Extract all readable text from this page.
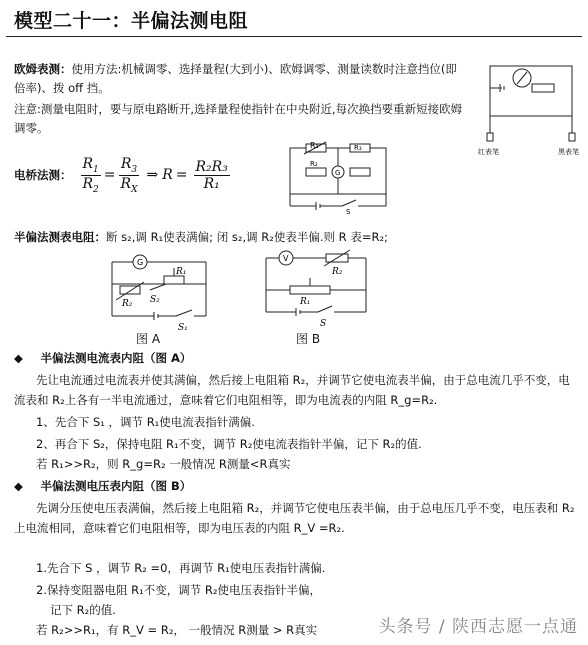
模型二十一：半偏法测电阻
欧姆表测：使用方法:机械调零、选择量程(大到小)、欧姆调零、测量读数时注意挡位(即倍率)、拨 off 挡。
注意:测量电阻时，要与原电路断开,选择量程使指针在中央附近,每次换挡要重新短接欧姆调零。
红表笔	黑表笔
电桥法测： $\frac{R_1}{R_2} = \frac{R_3}{R_X}$ ⇒ $R = \frac{\text{R₂R₃}}{\text{R₁}}$
R₁	R₃
R₂
G
S
半偏法测表电阻：断 s₂,调 R₁使表满偏; 闭 s₂,调 R₂使表半偏.则 R 表=R₂;
G
R₁
R₂ S₂
S₁
图 A
V
R₂
R₁
S
图 B
◆ 半偏法测电流表内阻（图 A）
先让电流通过电流表并使其满偏，然后接上电阻箱 R₂，并调节它使电流表半偏，由于总电流几乎不变，电流表和 R₂上各有一半电流通过，意味着它们电阻相等，即为电流表的内阻 R_g=R₂.
1、先合下 S₁ ，调节 R₁使电流表指针满偏.
2、再合下 S₂，保持电阻 R₁不变，调节 R₂使电流表指针半偏，记下 R₂的值.
若 R₁>>R₂，则 R_g=R₂ 一般情况 R测量<R真实
◆ 半偏法测电压表内阻（图 B）
先调分压使电压表满偏，然后接上电阻箱 R₂，并调节它使电压表半偏，由于总电压几乎不变，电压表和 R₂上电流相同，意味着它们电阻相等，即为电压表的内阻 R_V =R₂.
1.先合下 S ，调节 R₂ =0，再调节 R₁使电压表指针满偏.
2.保持变阻器电阻 R₁不变，调节 R₂使电压表指针半偏，
记下 R₂的值.
若 R₂>>R₁，有 R_V = R₂， 一般情况 R测量 > R真实	头条号 / 陕西志愿一点通
